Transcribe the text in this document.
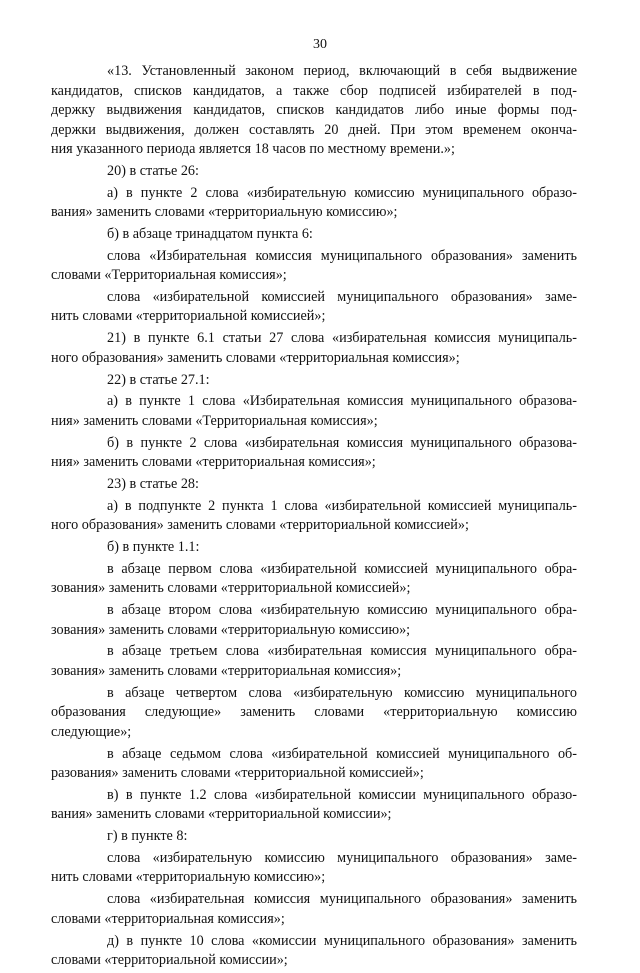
30
«13. Установленный законом период, включающий в себя выдвижение
кандидатов, списков кандидатов, а также сбор подписей избирателей в под-
держку выдвижения кандидатов, списков кандидатов либо иные формы под-
держки выдвижения, должен составлять 20 дней. При этом временем оконча-
ния указанного периода является 18 часов по местному времени.»;
20) в статье 26:
а) в пункте 2 слова «избирательную комиссию муниципального образо-
вания» заменить словами «территориальную комиссию»;
б) в абзаце тринадцатом пункта 6:
слова «Избирательная комиссия муниципального образования» заменить
словами «Территориальная комиссия»;
слова «избирательной комиссией муниципального образования» заме-
нить словами «территориальной комиссией»;
21) в пункте 6.1 статьи 27 слова «избирательная комиссия муниципаль-
ного образования» заменить словами «территориальная комиссия»;
22) в статье 27.1:
а) в пункте 1 слова «Избирательная комиссия муниципального образова-
ния» заменить словами «Территориальная комиссия»;
б) в пункте 2 слова «избирательная комиссия муниципального образова-
ния» заменить словами «территориальная комиссия»;
23) в статье 28:
а) в подпункте 2 пункта 1 слова «избирательной комиссией муниципаль-
ного образования» заменить словами «территориальной комиссией»;
б) в пункте 1.1:
в абзаце первом слова «избирательной комиссией муниципального обра-
зования» заменить словами «территориальной комиссией»;
в абзаце втором слова «избирательную комиссию муниципального обра-
зования» заменить словами «территориальную комиссию»;
в абзаце третьем слова «избирательная комиссия муниципального обра-
зования» заменить словами «территориальная комиссия»;
в абзаце четвертом слова «избирательную комиссию муниципального
образования следующие» заменить словами «территориальную комиссию
следующие»;
в абзаце седьмом слова «избирательной комиссией муниципального об-
разования» заменить словами «территориальной комиссией»;
в) в пункте 1.2 слова «избирательной комиссии муниципального образо-
вания» заменить словами «территориальной комиссии»;
г) в пункте 8:
слова «избирательную комиссию муниципального образования» заме-
нить словами «территориальную комиссию»;
слова «избирательная комиссия муниципального образования» заменить
словами «территориальная комиссия»;
д) в пункте 10 слова «комиссии муниципального образования» заменить
словами «территориальной комиссии»;
